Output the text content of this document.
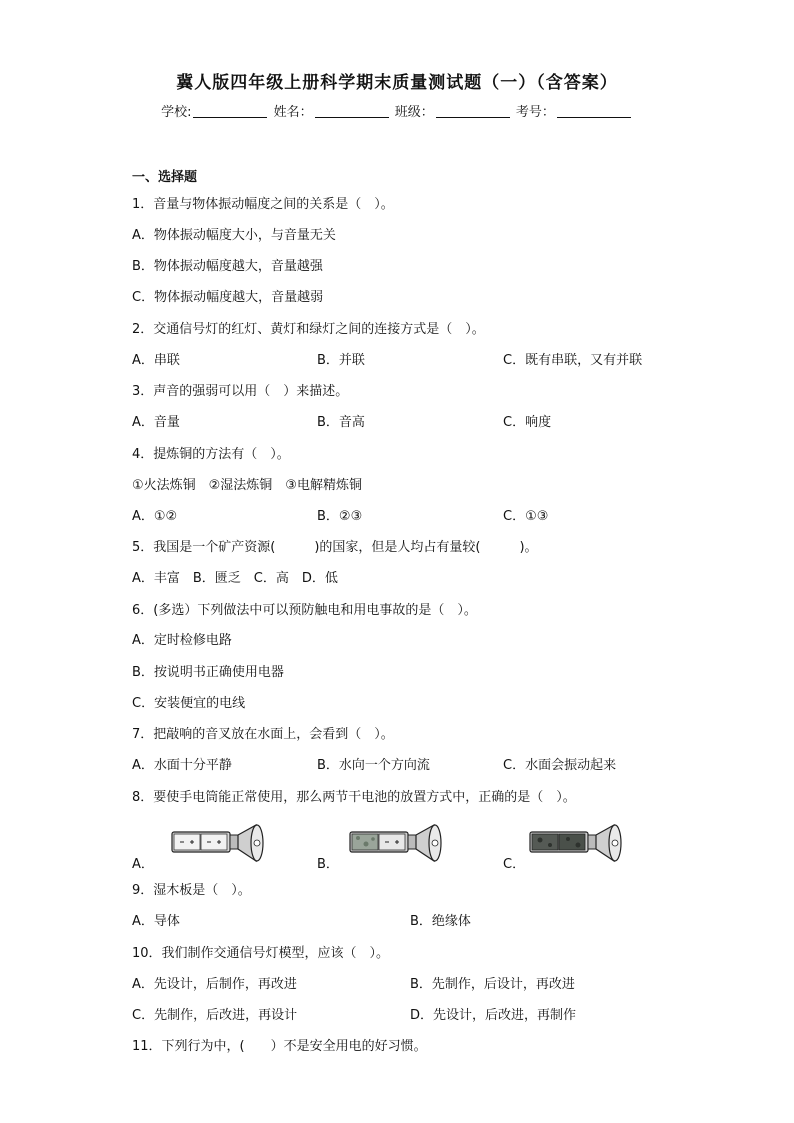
冀人版四年级上册科学期末质量测试题（一）（含答案）
学校:	姓名：	班级：	考号：
一、选择题
1．音量与物体振动幅度之间的关系是（　）。
A．物体振动幅度大小，与音量无关
B．物体振动幅度越大，音量越强
C．物体振动幅度越大，音量越弱
2．交通信号灯的红灯、黄灯和绿灯之间的连接方式是（　）。
A．串联	B．并联	C．既有串联，又有并联
3．声音的强弱可以用（　）来描述。
A．音量	B．音高	C．响度
4．提炼铜的方法有（　）。
①火法炼铜　②湿法炼铜　③电解精炼铜
A．①②	B．②③	C．①③
5．我国是一个矿产资源(　　　)的国家，但是人均占有量较(　　　)。
A．丰富　B．匮乏　C．高　D．低
6．(多选）下列做法中可以预防触电和用电事故的是（　）。
A．定时检修电路
B．按说明书正确使用电器
C．安装便宜的电线
7．把敲响的音叉放在水面上，会看到（　）。
A．水面十分平静	B．水向一个方向流	C．水面会振动起来
8．要使手电筒能正常使用，那么两节干电池的放置方式中，正确的是（　）。
A．	B．	C．
9．湿木板是（　）。
A．导体	B．绝缘体
10．我们制作交通信号灯模型，应该（　）。
A．先设计，后制作，再改进	B．先制作，后设计，再改进
C．先制作，后改进，再设计	D．先设计，后改进，再制作
11．下列行为中，(　　）不是安全用电的好习惯。
